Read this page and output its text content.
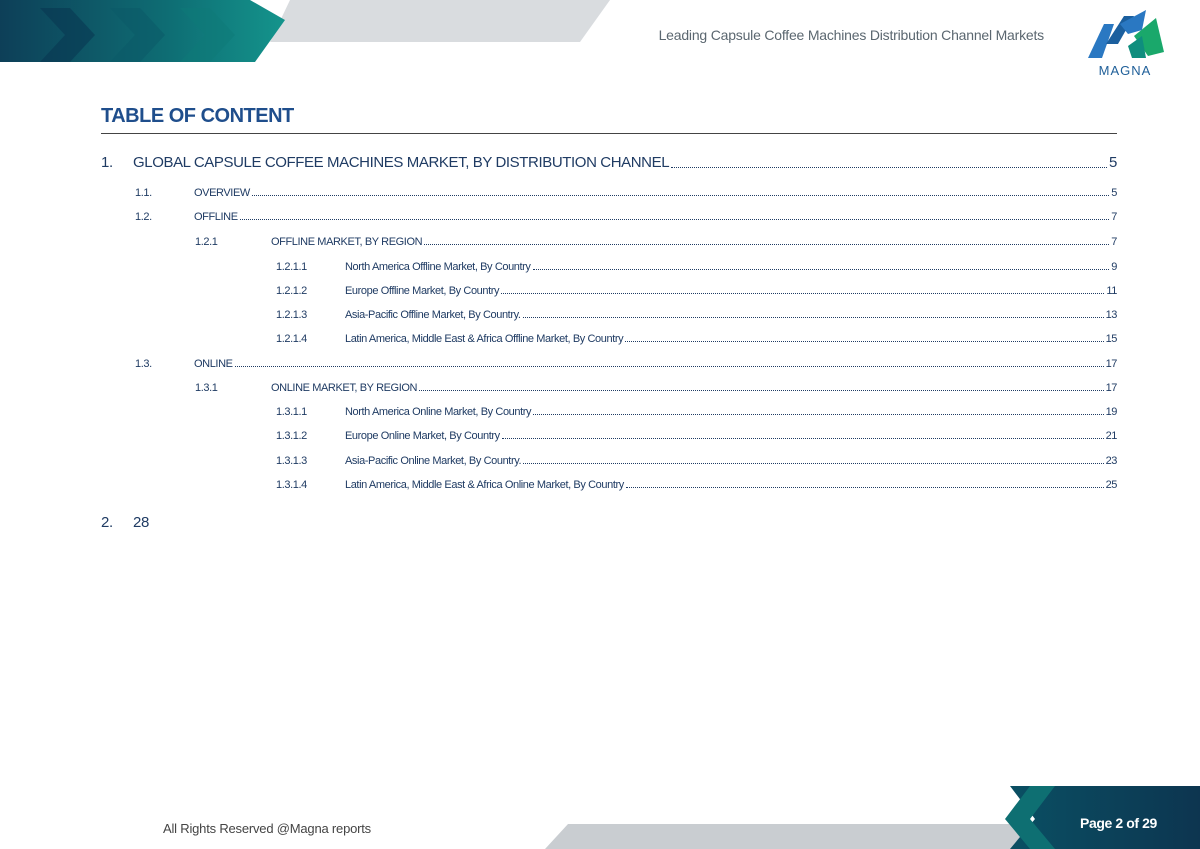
Leading Capsule Coffee Machines Distribution Channel Markets
MAGNA
TABLE OF CONTENT
1.	GLOBAL CAPSULE COFFEE MACHINES MARKET, BY DISTRIBUTION CHANNEL	5
1.1.	OVERVIEW	5
1.2.	OFFLINE	7
1.2.1	OFFLINE MARKET, BY REGION	7
1.2.1.1	North America Offline Market, By Country	9
1.2.1.2	Europe Offline Market, By Country	11
1.2.1.3	Asia-Pacific Offline Market, By Country.	13
1.2.1.4	Latin America, Middle East & Africa Offline Market, By Country	15
1.3.	ONLINE	17
1.3.1	ONLINE MARKET, BY REGION	17
1.3.1.1	North America Online Market, By Country	19
1.3.1.2	Europe Online Market, By Country	21
1.3.1.3	Asia-Pacific Online Market, By Country.	23
1.3.1.4	Latin America, Middle East & Africa Online Market, By Country	25
2.	28
All Rights Reserved @Magna reports	Page 2 of 29
